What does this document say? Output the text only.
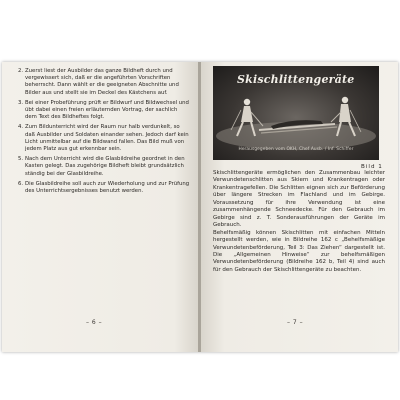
2. Zuerst liest der Ausbilder das ganze Bildheft durch und vergewissert sich, daß er die angeführten Vorschriften beherrscht. Dann wählt er die geeigneten Abschnitte und Bilder aus und stellt sie im Deckel des Kästchens auf.
3. Bei einer Probeführung prüft er Bildwurf und Bildwechsel und übt dabei einen freien erläuternden Vortrag, der sachlich dem Text des Bildheftes folgt.
4. Zum Bildunterricht wird der Raum nur halb verdunkelt, so daß Ausbilder und Soldaten einander sehen. Jedoch darf kein Licht unmittelbar auf die Bildwand fallen. Das Bild muß von jedem Platz aus gut erkennbar sein.
5. Nach dem Unterricht wird die Glasbildreihe geordnet in den Kasten gelegt. Das zugehörige Bildheft bleibt grundsätzlich ständig bei der Glasbildreihe.
6. Die Glasbildreihe soll auch zur Wiederholung und zur Prüfung des Unterrichtsergebnisses benutzt werden.
– 6 –
Skischlittengeräte
Herausgegeben vom OKH, Chef Ausb. / Inf. Schiffer
Bild 1

Skischlittengeräte ermöglichen den Zusammenbau leichter Verwundetenschlitten aus Skiern und Krankentragen oder Krankentragefellen. Die Schlitten eignen sich zur Beförderung über längere Strecken im Flachland und im Gebirge. Voraussetzung für ihre Verwendung ist eine zusammenhängende Schneedecke. Für den Gebrauch im Gebirge sind z. T. Sonderausführungen der Geräte im Gebrauch.

Behelfsmäßig können Skischlitten mit einfachen Mitteln hergestellt werden, wie in Bildreihe 162 c „Behelfsmäßige Verwundetenbeförderung, Teil 3: Das Ziehen“ dargestellt ist. Die „Allgemeinen Hinweise“ zur behelfsmäßigen Verwundetenbeförderung (Bildreihe 162 b, Teil 4) sind auch für den Gebrauch der Skischlittengeräte zu beachten.

– 7 –
